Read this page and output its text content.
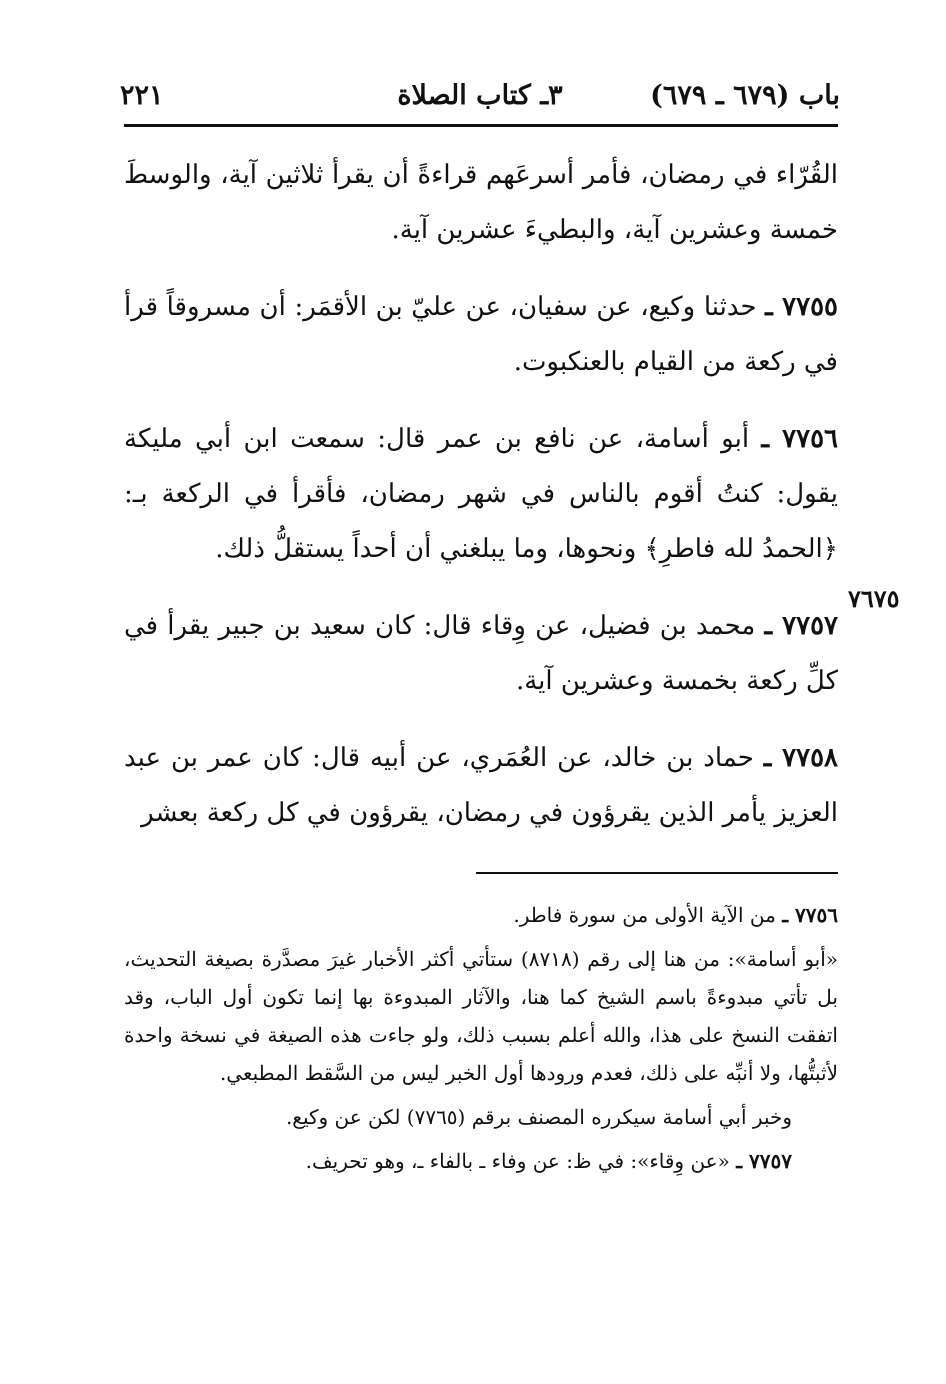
باب (٦٧٩ ـ ٦٧٩)
٣ـ كتاب الصلاة
٢٢١
٧٦٧٥

القُرّاء في رمضان، فأمر أسرعَهم قراءةً أن يقرأ ثلاثين آية، والوسطَ خمسة وعشرين آية، والبطيءَ عشرين آية.

٧٧٥٥ ـ حدثنا وكيع، عن سفيان، عن عليّ بن الأقمَر: أن مسروقاً قرأ في ركعة من القيام بالعنكبوت.

٧٧٥٦ ـ أبو أسامة، عن نافع بن عمر قال: سمعت ابن أبي مليكة يقول: كنتُ أقوم بالناس في شهر رمضان، فأقرأ في الركعة بـ: ﴿الحمدُ لله فاطرِ﴾ ونحوها، وما يبلغني أن أحداً يستقلُّ ذلك.

٧٧٥٧ ـ محمد بن فضيل، عن وِقاء قال: كان سعيد بن جبير يقرأ في كلِّ ركعة بخمسة وعشرين آية.

٧٧٥٨ ـ حماد بن خالد، عن العُمَري، عن أبيه قال: كان عمر بن عبد العزيز يأمر الذين يقرؤون في رمضان، يقرؤون في كل ركعة بعشر

٧٧٥٦ ـ من الآية الأولى من سورة فاطر.

«أبو أسامة»: من هنا إلى رقم (٨٧١٨) ستأتي أكثر الأخبار غيرَ مصدَّرة بصيغة التحديث، بل تأتي مبدوءةً باسم الشيخ كما هنا، والآثار المبدوءة بها إنما تكون أول الباب، وقد اتفقت النسخ على هذا، والله أعلم بسبب ذلك، ولو جاءت هذه الصيغة في نسخة واحدة لأثبتُّها، ولا أنبِّه على ذلك، فعدم ورودها أول الخبر ليس من السَّقط المطبعي.

وخبر أبي أسامة سيكرره المصنف برقم (٧٧٦٥) لكن عن وكيع.

٧٧٥٧ ـ «عن وِقاء»: في ظ: عن وفاء ـ بالفاء ـ، وهو تحريف.
